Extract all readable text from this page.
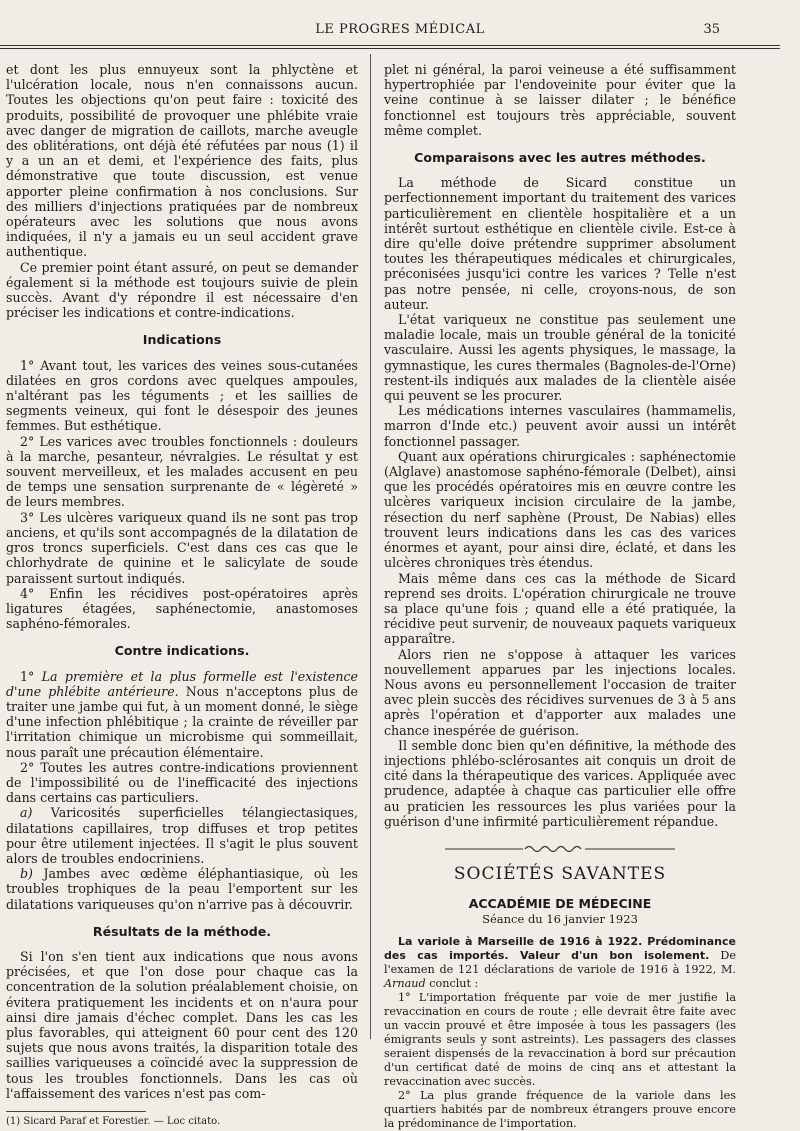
LE PROGRES MÉDICAL	35

et dont les plus ennuyeux sont la phlyctène et l'ulcération locale, nous n'en connaissons aucun. Toutes les objections qu'on peut faire : toxicité des produits, possibilité de provoquer une phlébite vraie avec danger de migration de caillots, marche aveugle des oblitérations, ont déjà été réfutées par nous (1) il y a un an et demi, et l'expérience des faits, plus démonstrative que toute discussion, est venue apporter pleine confirmation à nos conclusions. Sur des milliers d'injections pratiquées par de nombreux opérateurs avec les solutions que nous avons indiquées, il n'y a jamais eu un seul accident grave authentique.

Ce premier point étant assuré, on peut se demander également si la méthode est toujours suivie de plein succès. Avant d'y répondre il est nécessaire d'en préciser les indications et contre-indications.

Indications

1° Avant tout, les varices des veines sous-cutanées dilatées en gros cordons avec quelques ampoules, n'altérant pas les téguments ; et les saillies de segments veineux, qui font le désespoir des jeunes femmes. But esthétique.

2° Les varices avec troubles fonctionnels : douleurs à la marche, pesanteur, névralgies. Le résultat y est souvent merveilleux, et les malades accusent en peu de temps une sensation surprenante de « légèreté » de leurs membres.

3° Les ulcères variqueux quand ils ne sont pas trop anciens, et qu'ils sont accompagnés de la dilatation de gros troncs superficiels. C'est dans ces cas que le chlorhydrate de quinine et le salicylate de soude paraissent surtout indiqués.

4° Enfin les récidives post-opératoires après ligatures étagées, saphénectomie, anastomoses saphéno-fémorales.

Contre indications.

1° La première et la plus formelle est l'existence d'une phlébite antérieure. Nous n'acceptons plus de traiter une jambe qui fut, à un moment donné, le siège d'une infection phlébitique ; la crainte de réveiller par l'irritation chimique un microbisme qui sommeillait, nous paraît une précaution élémentaire.

2° Toutes les autres contre-indications proviennent de l'impossibilité ou de l'inefficacité des injections dans certains cas particuliers.

a) Varicosités superficielles télangiectasiques, dilatations capillaires, trop diffuses et trop petites pour être utilement injectées. Il s'agit le plus souvent alors de troubles endocriniens.

b) Jambes avec œdème éléphantiasique, où les troubles trophiques de la peau l'emportent sur les dilatations variqueuses qu'on n'arrive pas à découvrir.

Résultats de la méthode.

Si l'on s'en tient aux indications que nous avons précisées, et que l'on dose pour chaque cas la concentration de la solution préalablement choisie, on évitera pratiquement les incidents et on n'aura pour ainsi dire jamais d'échec complet. Dans les cas les plus favorables, qui atteignent 60 pour cent des 120 sujets que nous avons traités, la disparition totale des saillies variqueuses a coïncidé avec la suppression de tous les troubles fonctionnels. Dans les cas où l'affaissement des varices n'est pas com-

(1) Sicard Paraf et Forestier. — Loc citato.

plet ni général, la paroi veineuse a été suffisamment hypertrophiée par l'endoveinite pour éviter que la veine continue à se laisser dilater ; le bénéfice fonctionnel est toujours très appréciable, souvent même complet.

Comparaisons avec les autres méthodes.

La méthode de Sicard constitue un perfectionnement important du traitement des varices particulièrement en clientèle hospitalière et a un intérêt surtout esthétique en clientèle civile. Est-ce à dire qu'elle doive prétendre supprimer absolument toutes les thérapeutiques médicales et chirurgicales, préconisées jusqu'ici contre les varices ? Telle n'est pas notre pensée, ni celle, croyons-nous, de son auteur.

L'état variqueux ne constitue pas seulement une maladie locale, mais un trouble général de la tonicité vasculaire. Aussi les agents physiques, le massage, la gymnastique, les cures thermales (Bagnoles-de-l'Orne) restent-ils indiqués aux malades de la clientèle aisée qui peuvent se les procurer.

Les médications internes vasculaires (hammamelis, marron d'Inde etc.) peuvent avoir aussi un intérêt fonctionnel passager.

Quant aux opérations chirurgicales : saphénectomie (Alglave) anastomose saphéno-fémorale (Delbet), ainsi que les procédés opératoires mis en œuvre contre les ulcères variqueux incision circulaire de la jambe, résection du nerf saphène (Proust, De Nabias) elles trouvent leurs indications dans les cas des varices énormes et ayant, pour ainsi dire, éclaté, et dans les ulcères chroniques très étendus.

Mais même dans ces cas la méthode de Sicard reprend ses droits. L'opération chirurgicale ne trouve sa place qu'une fois ; quand elle a été pratiquée, la récidive peut survenir, de nouveaux paquets variqueux apparaître.

Alors rien ne s'oppose à attaquer les varices nouvellement apparues par les injections locales. Nous avons eu personnellement l'occasion de traiter avec plein succès des récidives survenues de 3 à 5 ans après l'opération et d'apporter aux malades une chance inespérée de guérison.

Il semble donc bien qu'en définitive, la méthode des injections phlébo-sclérosantes ait conquis un droit de cité dans la thérapeutique des varices. Appliquée avec prudence, adaptée à chaque cas particulier elle offre au praticien les ressources les plus variées pour la guérison d'une infirmité particulièrement répandue.

SOCIÉTÉS SAVANTES
ACCADÉMIE DE MÉDECINE
Séance du 16 janvier 1923

La variole à Marseille de 1916 à 1922. Prédominance des cas importés. Valeur d'un bon isolement. De l'examen de 121 déclarations de variole de 1916 à 1922, M. Arnaud conclut :

1° L'importation fréquente par voie de mer justifie la revaccination en cours de route ; elle devrait être faite avec un vaccin prouvé et être imposée à tous les passagers (les émigrants seuls y sont astreints). Les passagers des classes seraient dispensés de la revaccination à bord sur précaution d'un certificat daté de moins de cinq ans et attestant la revaccination avec succès.

2° La plus grande fréquence de la variole dans les quartiers habités par de nombreux étrangers prouve encore la prédominance de l'importation.
